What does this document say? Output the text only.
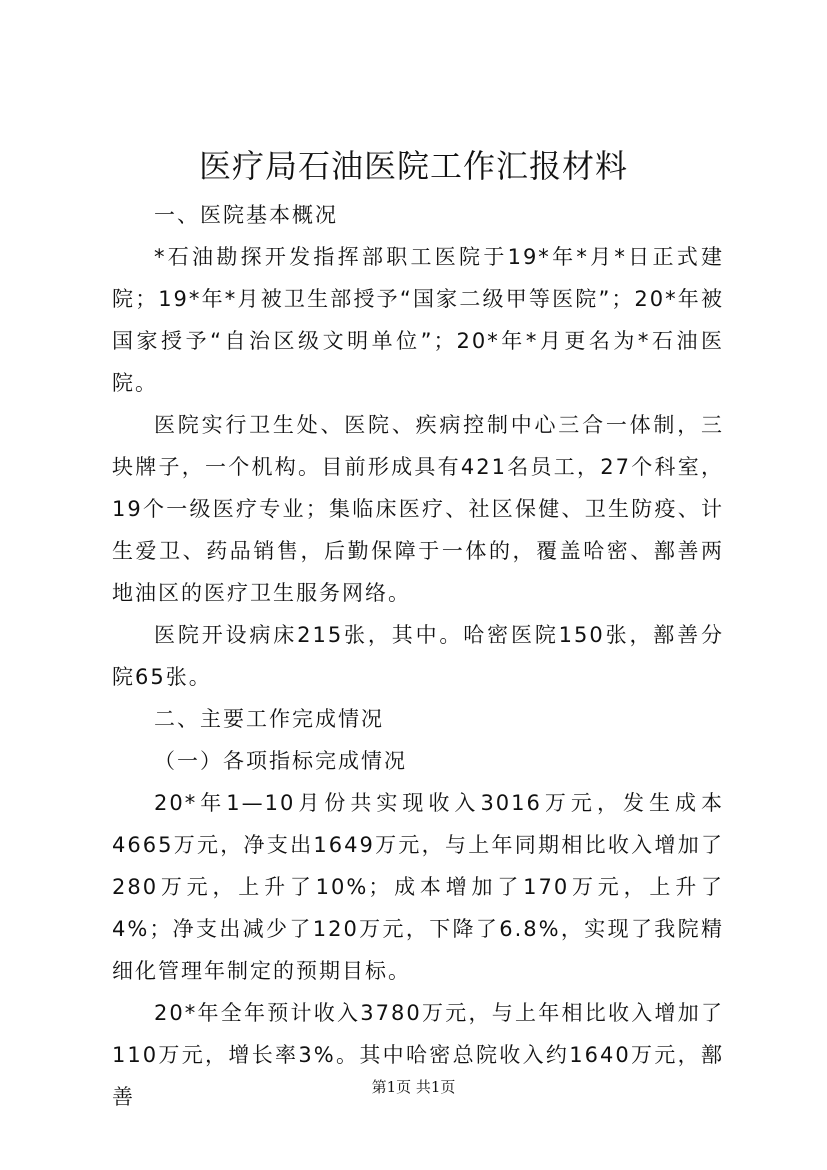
医疗局石油医院工作汇报材料

一、医院基本概况

*石油勘探开发指挥部职工医院于19*年*月*日正式建院；19*年*月被卫生部授予“国家二级甲等医院”；20*年被国家授予“自治区级文明单位”；20*年*月更名为*石油医院。

医院实行卫生处、医院、疾病控制中心三合一体制，三块牌子，一个机构。目前形成具有421名员工，27个科室，19个一级医疗专业；集临床医疗、社区保健、卫生防疫、计生爱卫、药品销售，后勤保障于一体的，覆盖哈密、鄯善两地油区的医疗卫生服务网络。

医院开设病床215张，其中。哈密医院150张，鄯善分院65张。

二、主要工作完成情况

（一）各项指标完成情况

20*年1—10月份共实现收入3016万元，发生成本4665万元，净支出1649万元，与上年同期相比收入增加了280万元，上升了10%；成本增加了170万元，上升了4%；净支出减少了120万元，下降了6.8%，实现了我院精细化管理年制定的预期目标。

20*年全年预计收入3780万元，与上年相比收入增加了110万元，增长率3%。其中哈密总院收入约1640万元，鄯善	第1页 共1页
